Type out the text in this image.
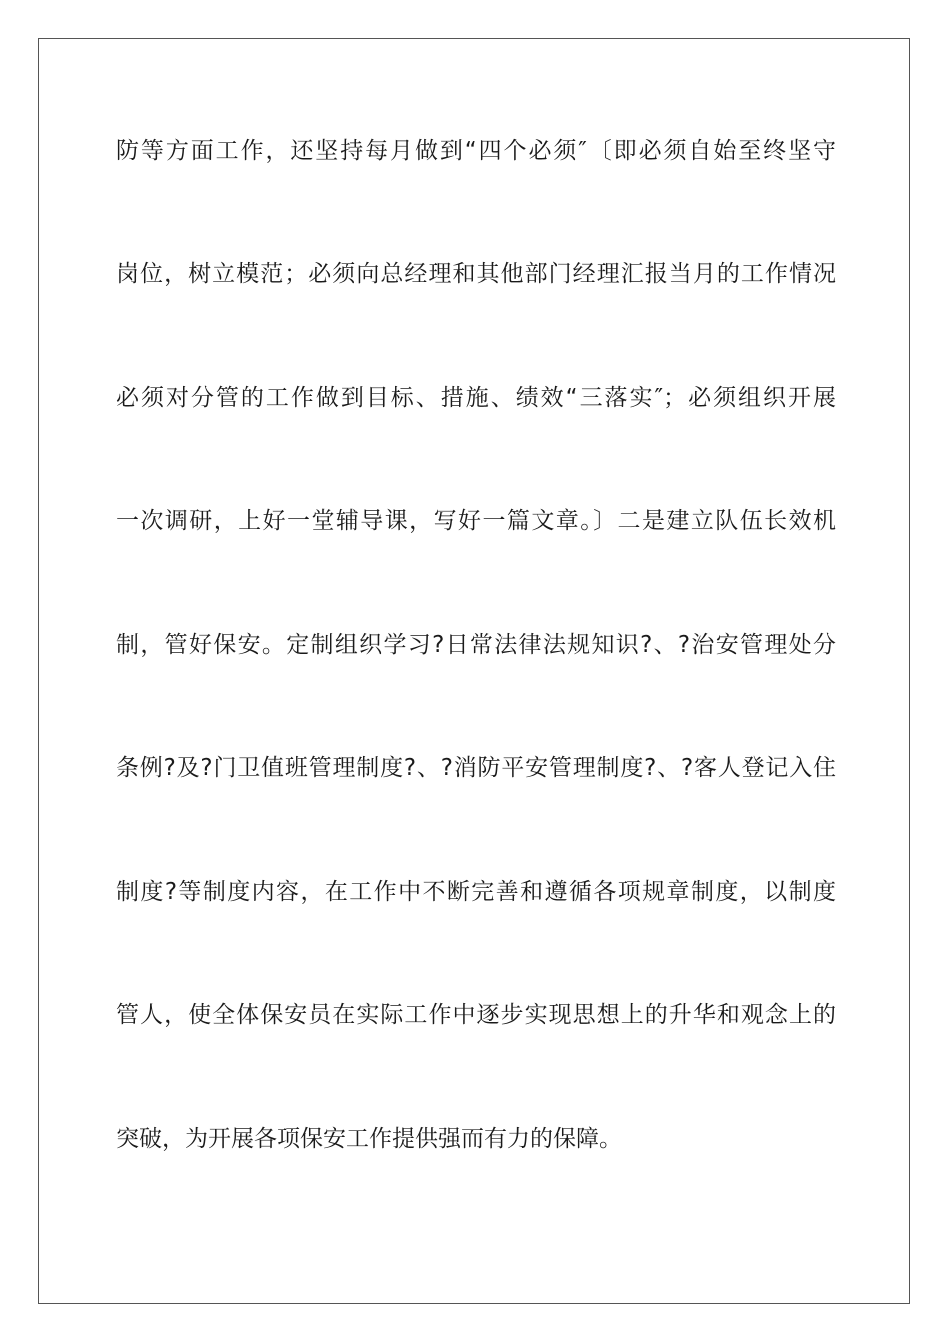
防等方面工作，还坚持每月做到“四个必须″〔即必须自始至终坚守
岗位，树立模范；必须向总经理和其他部门经理汇报当月的工作情况
必须对分管的工作做到目标、措施、绩效“三落实″；必须组织开展
一次调研，上好一堂辅导课，写好一篇文章。〕二是建立队伍长效机
制，管好保安。定制组织学习?日常法律法规知识?、?治安管理处分
条例?及?门卫值班管理制度?、?消防平安管理制度?、?客人登记入住
制度?等制度内容，在工作中不断完善和遵循各项规章制度，以制度
管人，使全体保安员在实际工作中逐步实现思想上的升华和观念上的
突破，为开展各项保安工作提供强而有力的保障。
